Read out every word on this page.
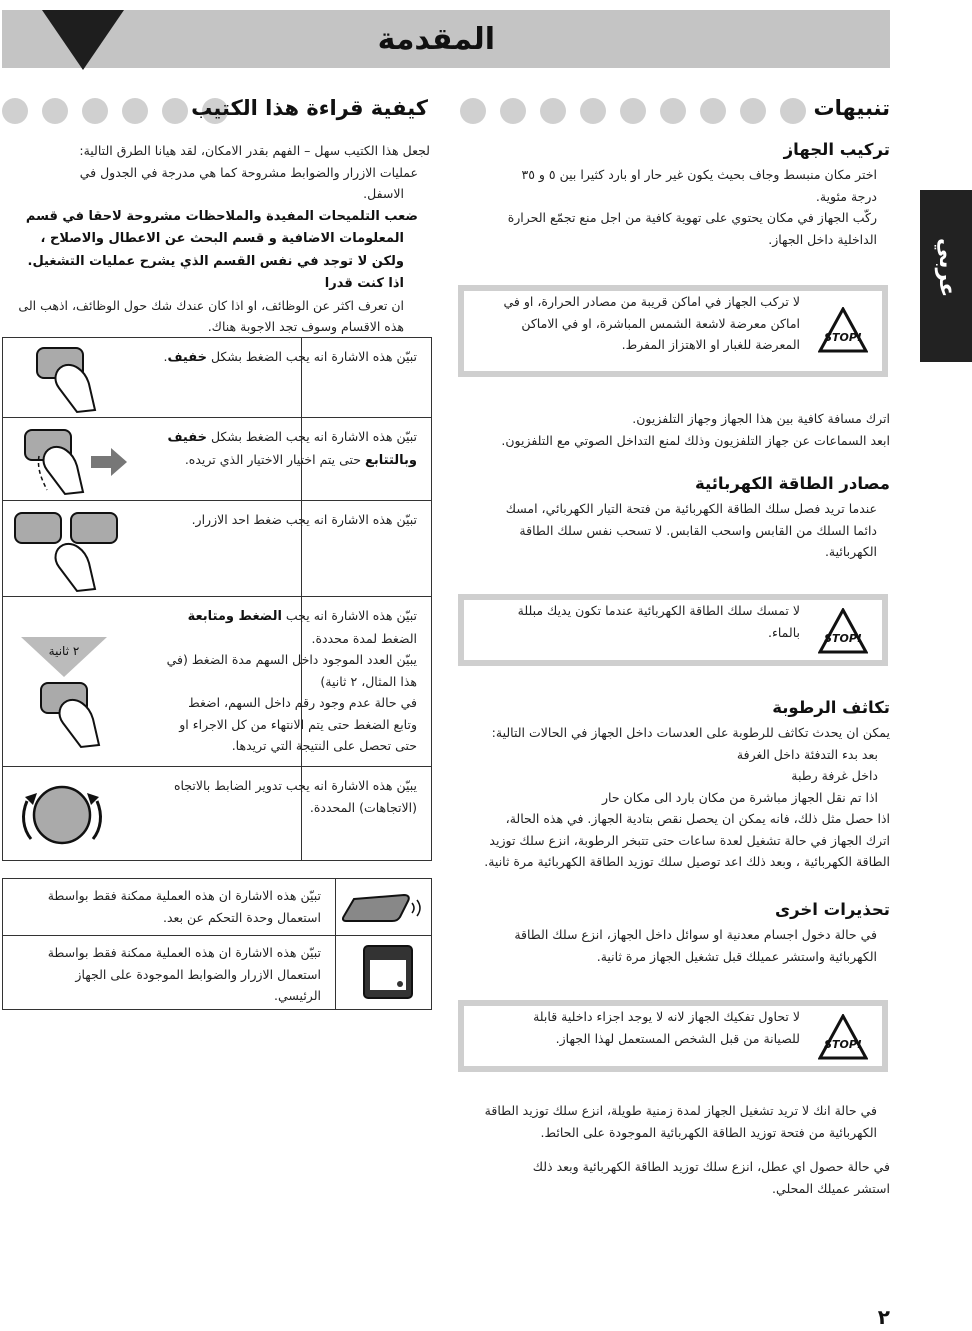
المقدمة
عربي
تنبيهات
تركيب الجهاز
اختر مكان منبسط وجاف بحيث يكون غير حار او بارد كثيرا بين ٥ و ٣٥
درجة مئوية.
ركّب الجهاز في مكان يحتوي على تهوية كافية من اجل منع تجمّع الحرارة
الداخلية داخل الجهاز.
لا تركب الجهاز في اماكن قريبة من مصادر الحرارة، او في
اماكن معرضة لاشعة الشمس المباشرة، او في الاماكن
المعرضة للغبار او الاهتزاز المفرط. STOP!
اترك مسافة كافية بين هذا الجهاز وجهاز التلفزيون.
ابعد السماعات عن جهاز التلفزيون وذلك لمنع التداخل الصوتي مع التلفزيون.
مصادر الطاقة الكهربائية
عندما تريد فصل سلك الطاقة الكهربائية من فتحة التيار الكهربائي، امسك
دائما السلك من القابس واسحب القابس. لا تسحب نفس سلك الطاقة
الكهربائية.
لا تمسك سلك الطاقة الكهربائية عندما تكون يديك مبللة
بالماء. STOP!
تكاثف الرطوبة
يمكن ان يحدث تكاثف للرطوبة على العدسات داخل الجهاز في الحالات التالية:
بعد بدء التدفئة داخل الغرفة
داخل غرفة رطبة
اذا تم نقل الجهاز مباشرة من مكان بارد الى مكان حار
اذا حصل مثل ذلك، فانه يمكن ان يحصل نقص بتادية الجهاز. في هذه الحالة،
اترك الجهاز في حالة تشغيل لعدة ساعات حتى تتبخر الرطوبة، انزع سلك توزيد
الطاقة الكهربائية ، وبعد ذلك اعد توصيل سلك توزيد الطاقة الكهربائية مرة ثانية.
تحذيرات اخرى
في حالة دخول اجسام معدنية او سوائل داخل الجهاز، انزع سلك الطاقة
الكهربائية واستشر عميلك قبل تشغيل الجهاز مرة ثانية.
لا تحاول تفكيك الجهاز لانه لا يوجد اجزاء داخلية قابلة
للصيانة من قبل الشخص المستعمل لهذا الجهاز. STOP!
في حالة انك لا تريد تشغيل الجهاز لمدة زمنية طويلة، انزع سلك توزيد الطاقة
الكهربائية من فتحة توزيد الطاقة الكهربائية الموجودة على الحائط.
في حالة حصول اي عطل، انزع سلك توزيد الطاقة الكهربائية وبعد ذلك
استشر عميلك المحلي.
كيفية قراءة هذا الكتيب
لجعل هذا الكتيب سهل – الفهم بقدر الامكان، لقد هيانا الطرق التالية:
عمليات الازرار والضوابط مشروحة كما هي مدرجة في الجدول في
الاسفل.
ضعب التلميحات المفيدة والملاحظات مشروحة لاحقا في قسم
المعلومات الاضافية و قسم البحث عن الاعطال والاصلاح ،
ولكن لا توجد في نفس القسم الذي يشرح عمليات التشغيل. اذا كنت قدرا
ان تعرف اكثر عن الوظائف، او اذا كان عندك شك حول الوظائف، اذهب الى
هذه الاقسام وسوف تجد الاجوبة هناك.
تبيّن هذه الاشارة انه يجب الضغط بشكل خفيف.
تبيّن هذه الاشارة انه يجب الضغط بشكل خفيف
وبالتتابع حتى يتم اختيار الاختيار الذي تريده.
تبيّن هذه الاشارة انه يجب ضغط احد الازرار.
٢ ثانية
تبيّن هذه الاشارة انه يجب الضغط ومتابعة
الضغط لمدة محددة.
يبيّن العدد الموجود داخل السهم مدة الضغط (في
هذا المثال، ٢ ثانية)
في حالة عدم وجود رقم داخل السهم، اضغط
وتابع الضغط حتى يتم الانتهاء من كل الاجراء او
حتى تحصل على النتيجة التي تريدها.
يبيّن هذه الاشارة انه يجب تدوير الضابط بالاتجاه
(الاتجاهات) المحددة.
تبيّن هذه الاشارة ان هذه العملية ممكنة فقط بواسطة
استعمال وحدة التحكم عن بعد.
تبيّن هذه الاشارة ان هذه العملية ممكنة فقط بواسطة
استعمال الازرار والضوابط الموجودة على الجهاز
الرئيسي.
٢
